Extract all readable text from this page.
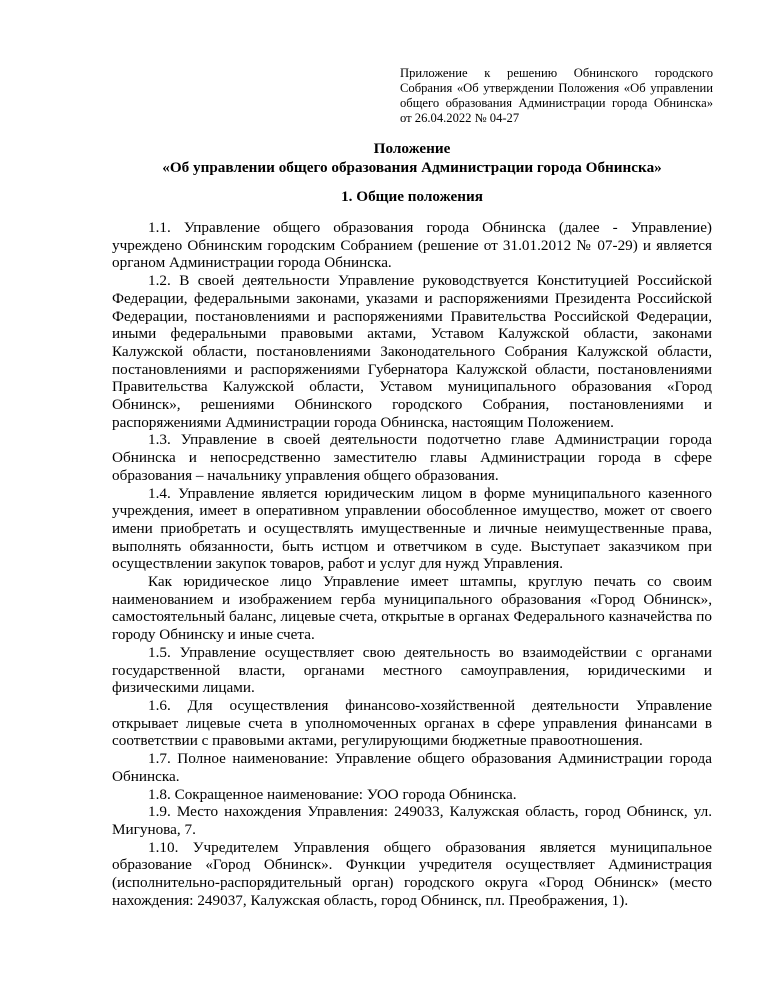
Приложение к решению Обнинского городского Собрания «Об утверждении Положения «Об управлении общего образования Администрации города Обнинска» от 26.04.2022 № 04-27
Положение
«Об управлении общего образования Администрации города Обнинска»
1. Общие положения

1.1. Управление общего образования города Обнинска (далее - Управление) учреждено Обнинским городским Собранием (решение от 31.01.2012 № 07-29) и является органом Администрации города Обнинска.

1.2. В своей деятельности Управление руководствуется Конституцией Российской Федерации, федеральными законами, указами и распоряжениями Президента Российской Федерации, постановлениями и распоряжениями Правительства Российской Федерации, иными федеральными правовыми актами, Уставом Калужской области, законами Калужской области, постановлениями Законодательного Собрания Калужской области, постановлениями и распоряжениями Губернатора Калужской области, постановлениями Правительства Калужской области, Уставом муниципального образования «Город Обнинск», решениями Обнинского городского Собрания, постановлениями и распоряжениями Администрации города Обнинска, настоящим Положением.

1.3. Управление в своей деятельности подотчетно главе Администрации города Обнинска и непосредственно заместителю главы Администрации города в сфере образования – начальнику управления общего образования.

1.4. Управление является юридическим лицом в форме муниципального казенного учреждения, имеет в оперативном управлении обособленное имущество, может от своего имени приобретать и осуществлять имущественные и личные неимущественные права, выполнять обязанности, быть истцом и ответчиком в суде. Выступает заказчиком при осуществлении закупок товаров, работ и услуг для нужд Управления.

Как юридическое лицо Управление имеет штампы, круглую печать со своим наименованием и изображением герба муниципального образования «Город Обнинск», самостоятельный баланс, лицевые счета, открытые в органах Федерального казначейства по городу Обнинску и иные счета.

1.5. Управление осуществляет свою деятельность во взаимодействии с органами государственной власти, органами местного самоуправления, юридическими и физическими лицами.

1.6. Для осуществления финансово-хозяйственной деятельности Управление открывает лицевые счета в уполномоченных органах в сфере управления финансами в соответствии с правовыми актами, регулирующими бюджетные правоотношения.

1.7. Полное наименование: Управление общего образования Администрации города Обнинска.

1.8. Сокращенное наименование: УОО города Обнинска.

1.9. Место нахождения Управления: 249033, Калужская область, город Обнинск, ул. Мигунова, 7.

1.10. Учредителем Управления общего образования является муниципальное образование «Город Обнинск». Функции учредителя осуществляет Администрация (исполнительно-распорядительный орган) городского округа «Город Обнинск» (место нахождения: 249037, Калужская область, город Обнинск, пл. Преображения, 1).
